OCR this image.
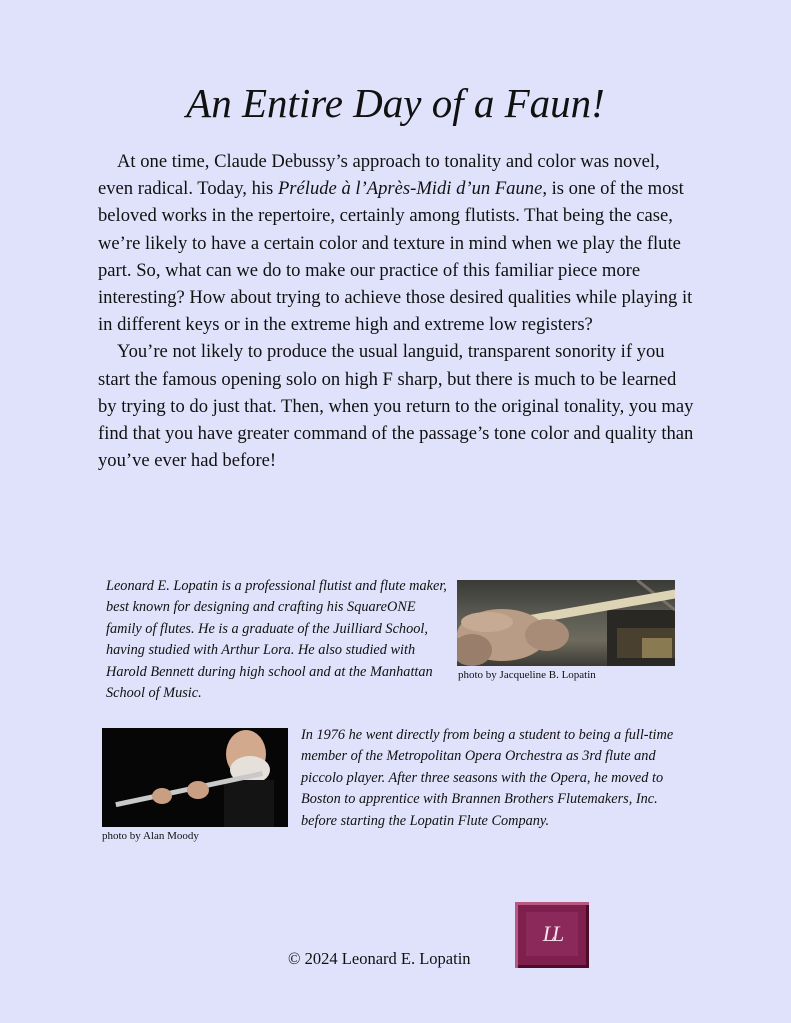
An Entire Day of a Faun!

At one time, Claude Debussy’s approach to tonality and color was novel, even radical. Today, his Prélude à l’Après-Midi d’un Faune, is one of the most beloved works in the repertoire, certainly among flutists. That being the case, we’re likely to have a certain color and texture in mind when we play the flute part. So, what can we do to make our practice of this familiar piece more interesting? How about trying to achieve those desired qualities while playing it in different keys or in the extreme high and extreme low registers?

You’re not likely to produce the usual languid, transparent sonority if you start the famous opening solo on high F sharp, but there is much to be learned by trying to do just that. Then, when you return to the original tonality, you may find that you have greater command of the passage’s tone color and quality than you’ve ever had before!

Leonard E. Lopatin is a professional flutist and flute maker, best known for designing and crafting his SquareONE family of flutes. He is a graduate of the Juilliard School, having studied with Arthur Lora. He also studied with Harold Bennett during high school and at the Manhattan School of Music.
photo by Jacqueline B. Lopatin
photo by Alan Moody
In 1976 he went directly from being a student to being a full-time member of the Metropolitan Opera Orchestra as 3rd flute and piccolo player. After three seasons with the Opera, he moved to Boston to apprentice with Brannen Brothers Flutemakers, Inc. before starting the Lopatin Flute Company.
© 2024 Leonard E. Lopatin
LL
